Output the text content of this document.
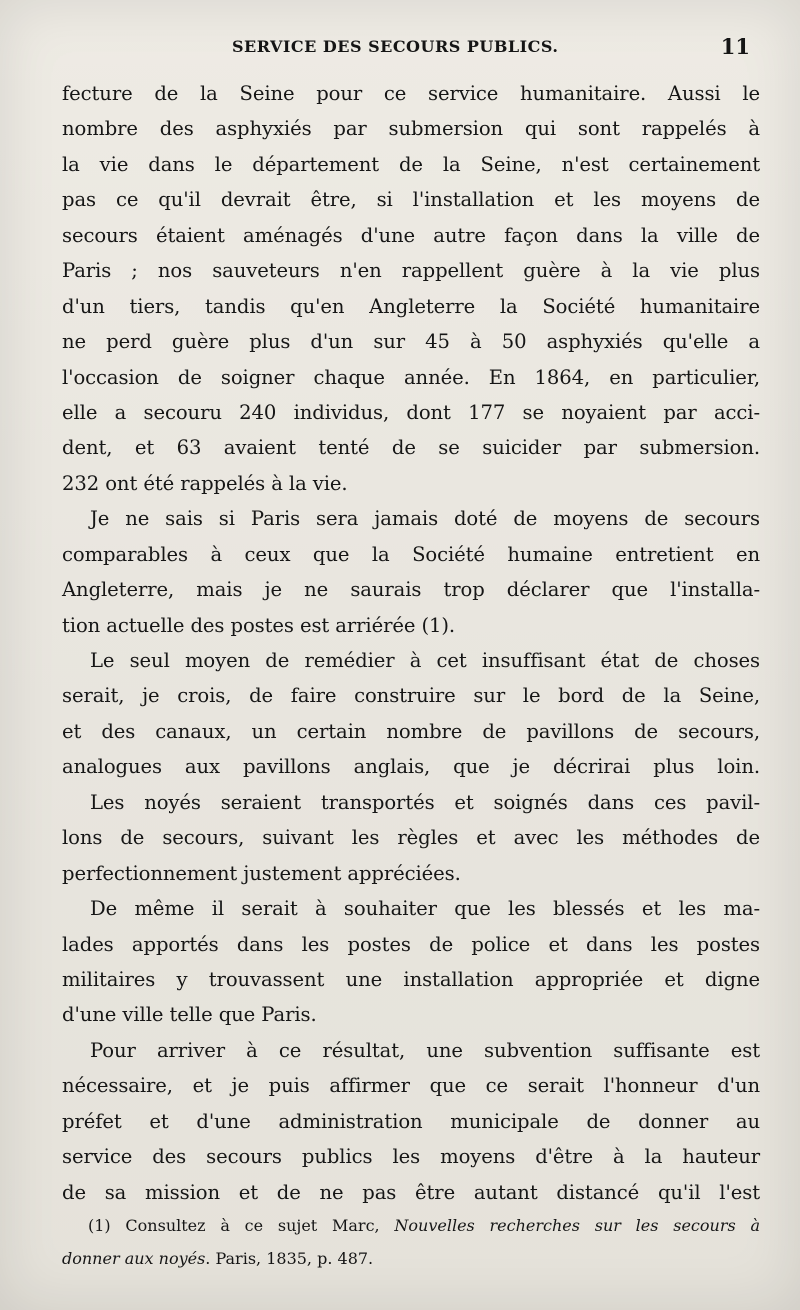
SERVICE DES SECOURS PUBLICS.	11
fecture de la Seine pour ce service humanitaire. Aussi le
nombre des asphyxiés par submersion qui sont rappelés à
la vie dans le département de la Seine, n'est certainement
pas ce qu'il devrait être, si l'installation et les moyens de
secours étaient aménagés d'une autre façon dans la ville de
Paris ; nos sauveteurs n'en rappellent guère à la vie plus
d'un tiers, tandis qu'en Angleterre la Société humanitaire
ne perd guère plus d'un sur 45 à 50 asphyxiés qu'elle a
l'occasion de soigner chaque année. En 1864, en particulier,
elle a secouru 240 individus, dont 177 se noyaient par acci-
dent, et 63 avaient tenté de se suicider par submersion.
232 ont été rappelés à la vie.
Je ne sais si Paris sera jamais doté de moyens de secours
comparables à ceux que la Société humaine entretient en
Angleterre, mais je ne saurais trop déclarer que l'installa-
tion actuelle des postes est arriérée (1).
Le seul moyen de remédier à cet insuffisant état de choses
serait, je crois, de faire construire sur le bord de la Seine,
et des canaux, un certain nombre de pavillons de secours,
analogues aux pavillons anglais, que je décrirai plus loin.
Les noyés seraient transportés et soignés dans ces pavil-
lons de secours, suivant les règles et avec les méthodes de
perfectionnement justement appréciées.
De même il serait à souhaiter que les blessés et les ma-
lades apportés dans les postes de police et dans les postes
militaires y trouvassent une installation appropriée et digne
d'une ville telle que Paris.
Pour arriver à ce résultat, une subvention suffisante est
nécessaire, et je puis affirmer que ce serait l'honneur d'un
préfet et d'une administration municipale de donner au
service des secours publics les moyens d'être à la hauteur
de sa mission et de ne pas être autant distancé qu'il l'est
(1) Consultez à ce sujet Marc, Nouvelles recherches sur les secours à
donner aux noyés. Paris, 1835, p. 487.
